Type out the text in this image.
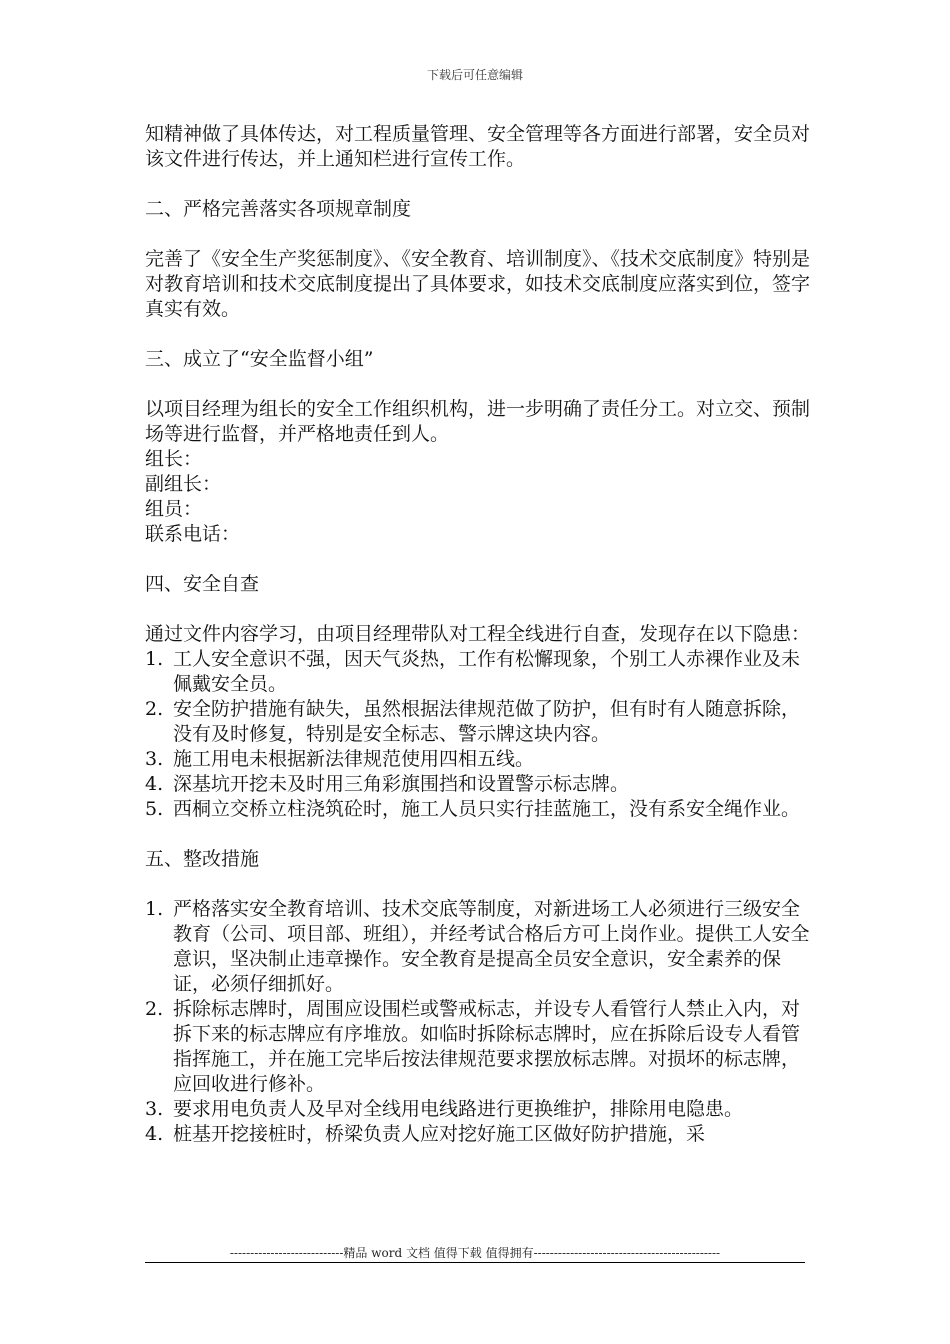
下载后可任意编辑

知精神做了具体传达，对工程质量管理、安全管理等各方面进行部署，安全员对该文件进行传达，并上通知栏进行宣传工作。

二、严格完善落实各项规章制度

完善了《安全生产奖惩制度》、《安全教育、培训制度》、《技术交底制度》特别是对教育培训和技术交底制度提出了具体要求，如技术交底制度应落实到位，签字真实有效。

三、成立了“安全监督小组”

以项目经理为组长的安全工作组织机构，进一步明确了责任分工。对立交、预制场等进行监督，并严格地责任到人。

组长：

副组长：

组员：

联系电话：

四、安全自查

通过文件内容学习，由项目经理带队对工程全线进行自查，发现存在以下隐患：

1. 工人安全意识不强，因天气炎热，工作有松懈现象，个别工人赤裸作业及未佩戴安全员。
2. 安全防护措施有缺失，虽然根据法律规范做了防护，但有时有人随意拆除，没有及时修复，特别是安全标志、警示牌这块内容。
3. 施工用电未根据新法律规范使用四相五线。
4. 深基坑开挖未及时用三角彩旗围挡和设置警示标志牌。
5. 西桐立交桥立柱浇筑砼时，施工人员只实行挂蓝施工，没有系安全绳作业。

五、整改措施

1. 严格落实安全教育培训、技术交底等制度，对新进场工人必须进行三级安全教育（公司、项目部、班组），并经考试合格后方可上岗作业。提供工人安全意识，坚决制止违章操作。安全教育是提高全员安全意识，安全素养的保证，必须仔细抓好。
2. 拆除标志牌时，周围应设围栏或警戒标志，并设专人看管行人禁止入内，对拆下来的标志牌应有序堆放。如临时拆除标志牌时，应在拆除后设专人看管指挥施工，并在施工完毕后按法律规范要求摆放标志牌。对损坏的标志牌，应回收进行修补。
3. 要求用电负责人及早对全线用电线路进行更换维护，排除用电隐患。
4. 桩基开挖接桩时，桥梁负责人应对挖好施工区做好防护措施，采
----------------------------精品 word 文档 值得下载 值得拥有----------------------------------------------
